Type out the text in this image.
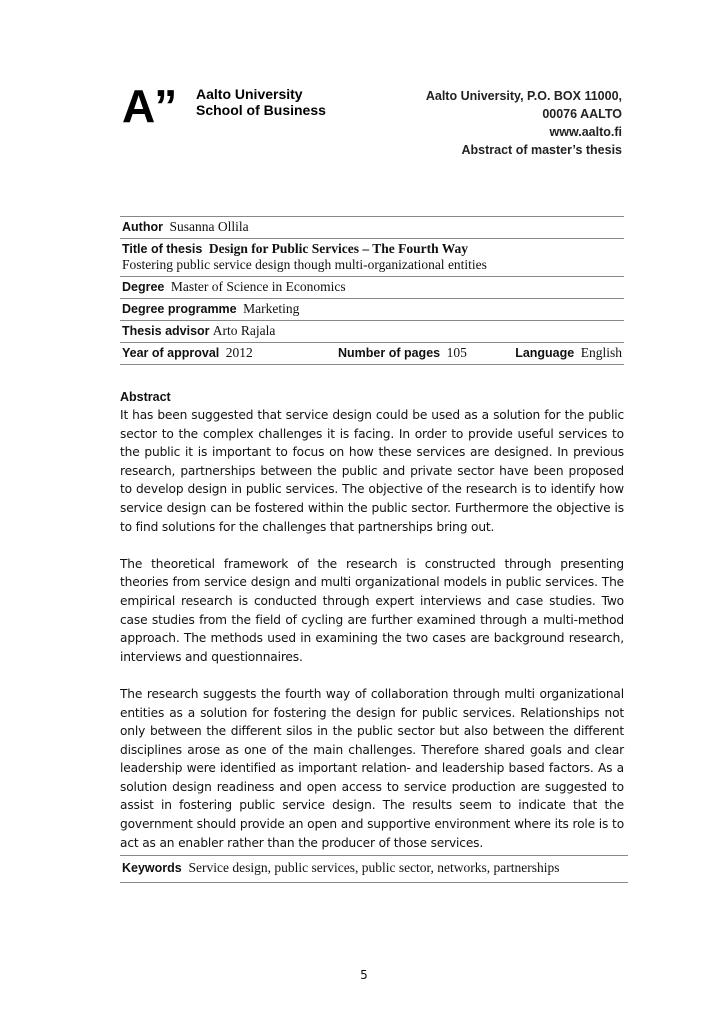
A” Aalto University
School of Business
Aalto University, P.O. BOX 11000,
00076 AALTO
www.aalto.fi
Abstract of master’s thesis
Author Susanna Ollila
Title of thesis Design for Public Services – The Fourth Way
Fostering public service design though multi-organizational entities
Degree Master of Science in Economics
Degree programme Marketing
Thesis advisor Arto Rajala
Year of approval 2012	Number of pages 105	Language English
Abstract

It has been suggested that service design could be used as a solution for the public sector to the complex challenges it is facing. In order to provide useful services to the public it is important to focus on how these services are designed. In previous research, partnerships between the public and private sector have been proposed to develop design in public services. The objective of the research is to identify how service design can be fostered within the public sector. Furthermore the objective is to find solutions for the challenges that partnerships bring out.

The theoretical framework of the research is constructed through presenting theories from service design and multi organizational models in public services. The empirical research is conducted through expert interviews and case studies. Two case studies from the field of cycling are further examined through a multi-method approach. The methods used in examining the two cases are background research, interviews and questionnaires.

The research suggests the fourth way of collaboration through multi organizational entities as a solution for fostering the design for public services. Relationships not only between the different silos in the public sector but also between the different disciplines arose as one of the main challenges. Therefore shared goals and clear leadership were identified as important relation- and leadership based factors. As a solution design readiness and open access to service production are suggested to assist in fostering public service design. The results seem to indicate that the government should provide an open and supportive environment where its role is to act as an enabler rather than the producer of those services.

Keywords Service design, public services, public sector, networks, partnerships
5
